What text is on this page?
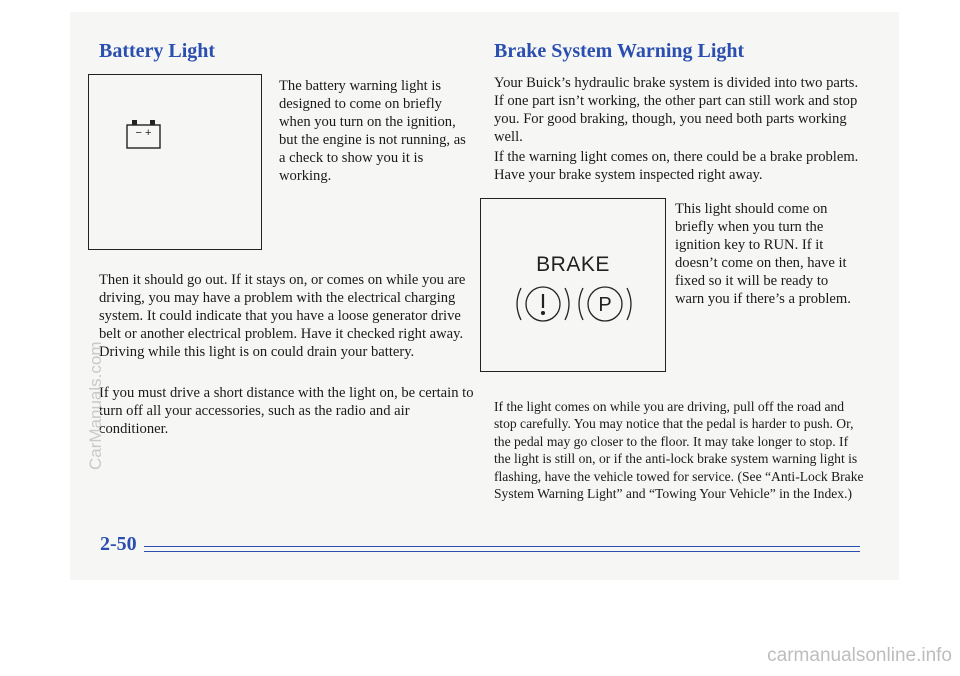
Battery Light
− +

The battery warning light is designed to come on briefly when you turn on the ignition, but the engine is not running, as a check to show you it is working.

Then it should go out. If it stays on, or comes on while you are driving, you may have a problem with the electrical charging system. It could indicate that you have a loose generator drive belt or another electrical problem. Have it checked right away. Driving while this light is on could drain your battery.

If you must drive a short distance with the light on, be certain to turn off all your accessories, such as the radio and air conditioner.

Brake System Warning Light

Your Buick’s hydraulic brake system is divided into two parts. If one part isn’t working, the other part can still work and stop you. For good braking, though, you need both parts working well.

If the warning light comes on, there could be a brake problem. Have your brake system inspected right away.

BRAKE
P

This light should come on briefly when you turn the ignition key to RUN. If it doesn’t come on then, have it fixed so it will be ready to warn you if there’s a problem.

If the light comes on while you are driving, pull off the road and stop carefully. You may notice that the pedal is harder to push. Or, the pedal may go closer to the floor. It may take longer to stop. If the light is still on, or if the anti-lock brake system warning light is flashing, have the vehicle towed for service. (See “Anti-Lock Brake System Warning Light” and “Towing Your Vehicle” in the Index.)

2-50
CarManuals.com
carmanualsonline.info
